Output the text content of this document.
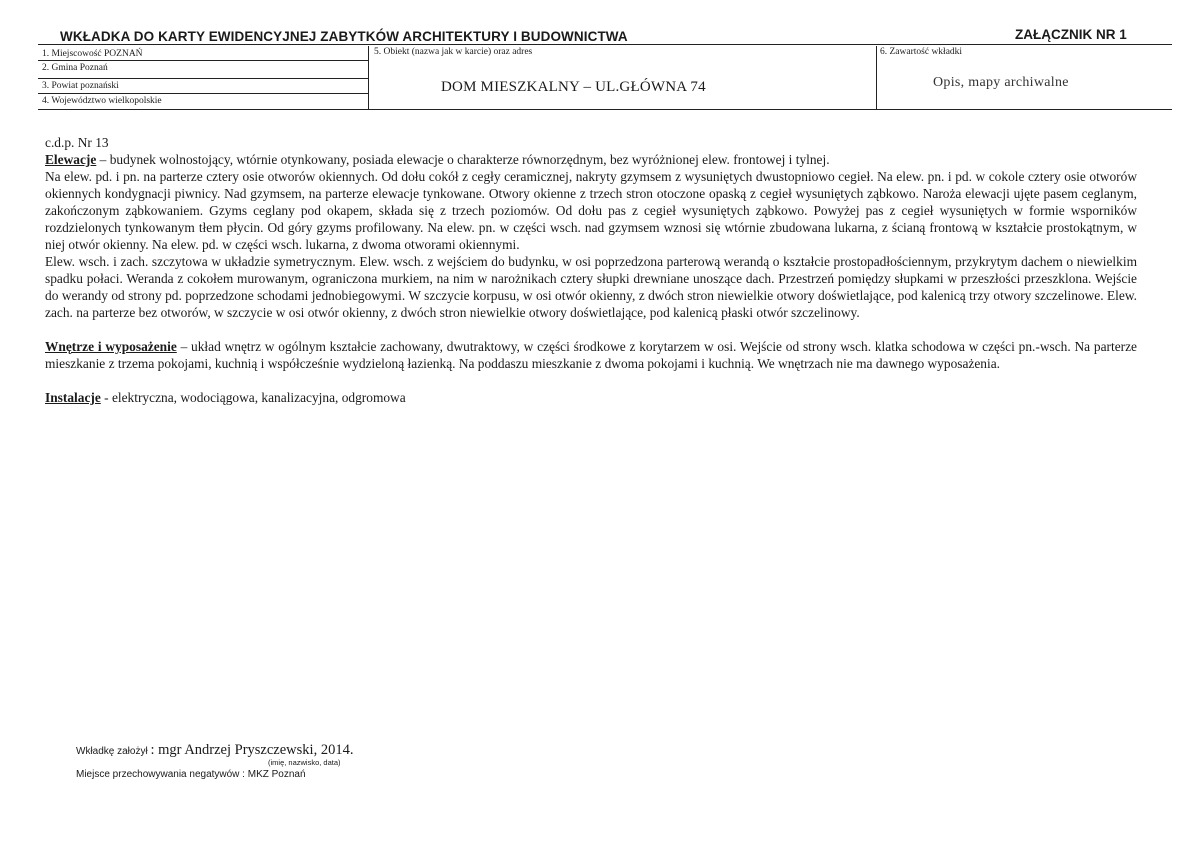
WKŁADKA DO KARTY EWIDENCYJNEJ ZABYTKÓW ARCHITEKTURY I BUDOWNICTWA	ZAŁĄCZNIK NR 1
1. Miejscowość POZNAŃ
2. Gmina Poznań
3. Powiat poznański
4. Województwo wielkopolskie
5. Obiekt (nazwa jak w karcie) oraz adres
DOM MIESZKALNY – UL.GŁÓWNA 74
6. Zawartość wkładki
Opis, mapy archiwalne

c.d.p. Nr 13

Elewacje – budynek wolnostojący, wtórnie otynkowany, posiada elewacje o charakterze równorzędnym, bez wyróżnionej elew. frontowej i tylnej.

Na elew. pd. i pn. na parterze cztery osie otworów okiennych. Od dołu cokół z cegły ceramicznej, nakryty gzymsem z wysuniętych dwustopniowo cegieł. Na elew. pn. i pd. w cokole cztery osie otworów okiennych kondygnacji piwnicy. Nad gzymsem, na parterze elewacje tynkowane. Otwory okienne z trzech stron otoczone opaską z cegieł wysuniętych ząbkowo. Naroża elewacji ujęte pasem ceglanym, zakończonym ząbkowaniem. Gzyms ceglany pod okapem, składa się z trzech poziomów. Od dołu pas z cegieł wysuniętych ząbkowo. Powyżej pas z cegieł wysuniętych w formie wsporników rozdzielonych tynkowanym tłem płycin. Od góry gzyms profilowany. Na elew. pn. w części wsch. nad gzymsem wznosi się wtórnie zbudowana lukarna, z ścianą frontową w kształcie prostokątnym, w niej otwór okienny. Na elew. pd. w części wsch. lukarna, z dwoma otworami okiennymi.

Elew. wsch. i zach. szczytowa w układzie symetrycznym. Elew. wsch. z wejściem do budynku, w osi poprzedzona parterową werandą o kształcie prostopadłościennym, przykrytym dachem o niewielkim spadku połaci. Weranda z cokołem murowanym, ograniczona murkiem, na nim w narożnikach cztery słupki drewniane unoszące dach. Przestrzeń pomiędzy słupkami w przeszłości przeszklona. Wejście do werandy od strony pd. poprzedzone schodami jednobiegowymi. W szczycie korpusu, w osi otwór okienny, z dwóch stron niewielkie otwory doświetlające, pod kalenicą trzy otwory szczelinowe. Elew. zach. na parterze bez otworów, w szczycie w osi otwór okienny, z dwóch stron niewielkie otwory doświetlające, pod kalenicą płaski otwór szczelinowy.

Wnętrze i wyposażenie – układ wnętrz w ogólnym kształcie zachowany, dwutraktowy, w części środkowe z korytarzem w osi. Wejście od strony wsch. klatka schodowa w części pn.-wsch. Na parterze mieszkanie z trzema pokojami, kuchnią i współcześnie wydzieloną łazienką. Na poddaszu mieszkanie z dwoma pokojami i kuchnią. We wnętrzach nie ma dawnego wyposażenia.

Instalacje - elektryczna, wodociągowa, kanalizacyjna, odgromowa

Wkładkę założył : mgr Andrzej Pryszczewski, 2014.
(imię, nazwisko, data)
Miejsce przechowywania negatywów : MKZ Poznań
